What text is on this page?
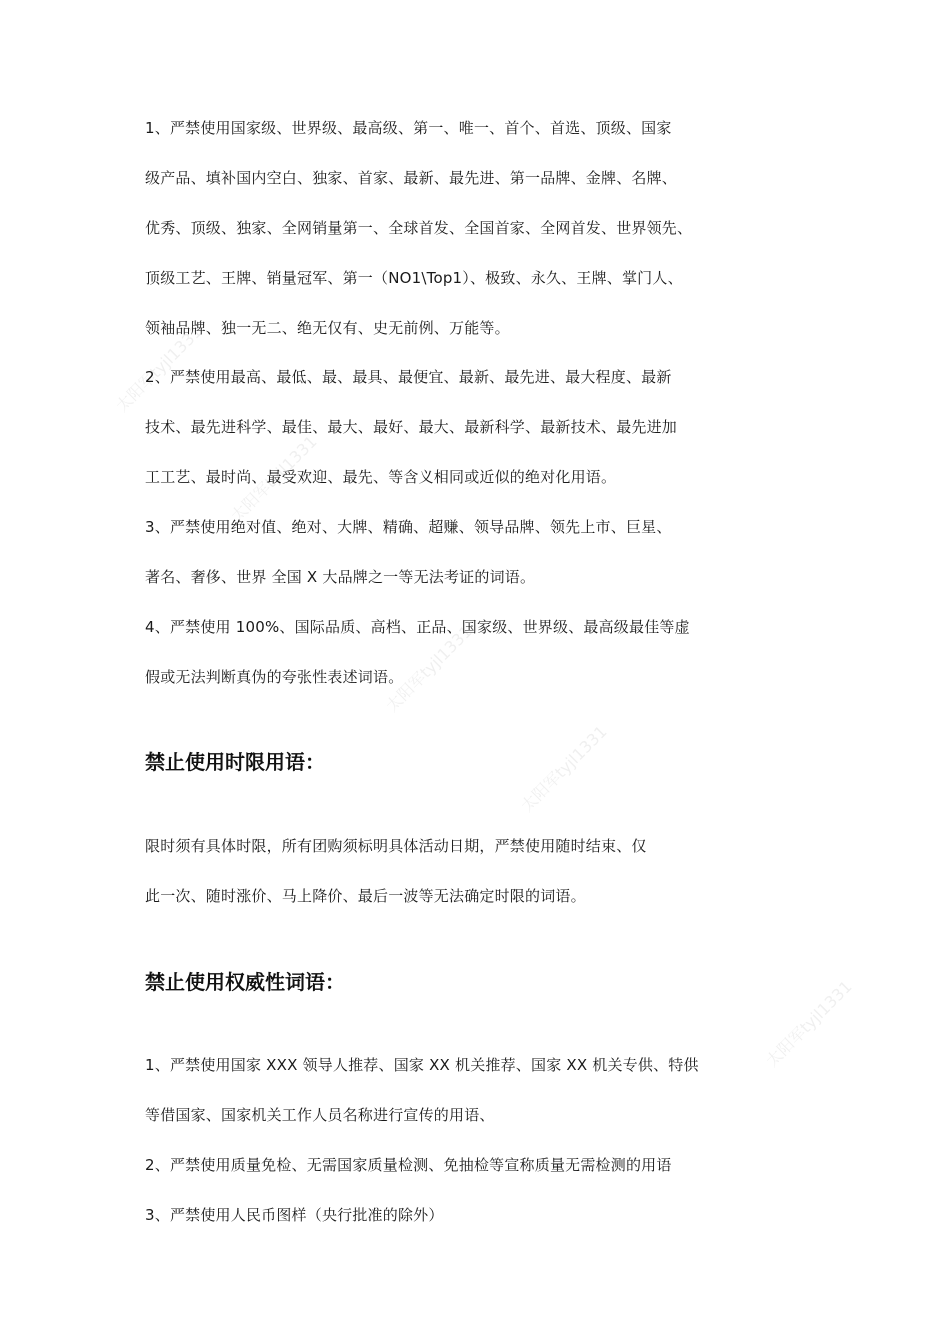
1、严禁使用国家级、世界级、最高级、第一、唯一、首个、首选、顶级、国家
级产品、填补国内空白、独家、首家、最新、最先进、第一品牌、金牌、名牌、
优秀、顶级、独家、全网销量第一、全球首发、全国首家、全网首发、世界领先、
顶级工艺、王牌、销量冠军、第一（NO1\Top1）、极致、永久、王牌、掌门人、
领袖品牌、独一无二、绝无仅有、史无前例、万能等。
2、严禁使用最高、最低、最、最具、最便宜、最新、最先进、最大程度、最新
技术、最先进科学、最佳、最大、最好、最大、最新科学、最新技术、最先进加
工工艺、最时尚、最受欢迎、最先、等含义相同或近似的绝对化用语。
3、严禁使用绝对值、绝对、大牌、精确、超赚、领导品牌、领先上市、巨星、
著名、奢侈、世界 全国 X 大品牌之一等无法考证的词语。
4、严禁使用 100%、国际品质、高档、正品、国家级、世界级、最高级最佳等虚
假或无法判断真伪的夸张性表述词语。
禁止使用时限用语：
限时须有具体时限，所有团购须标明具体活动日期，严禁使用随时结束、仅
此一次、随时涨价、马上降价、最后一波等无法确定时限的词语。
禁止使用权威性词语：
1、严禁使用国家 XXX 领导人推荐、国家 XX 机关推荐、国家 XX 机关专供、特供
等借国家、国家机关工作人员名称进行宣传的用语、
2、严禁使用质量免检、无需国家质量检测、免抽检等宣称质量无需检测的用语
3、严禁使用人民币图样（央行批准的除外）
太阳军tyjl1331
太阳军tyjl1331
太阳军tyjl1331
太阳军tyjl1331
太阳军tyjl1331
